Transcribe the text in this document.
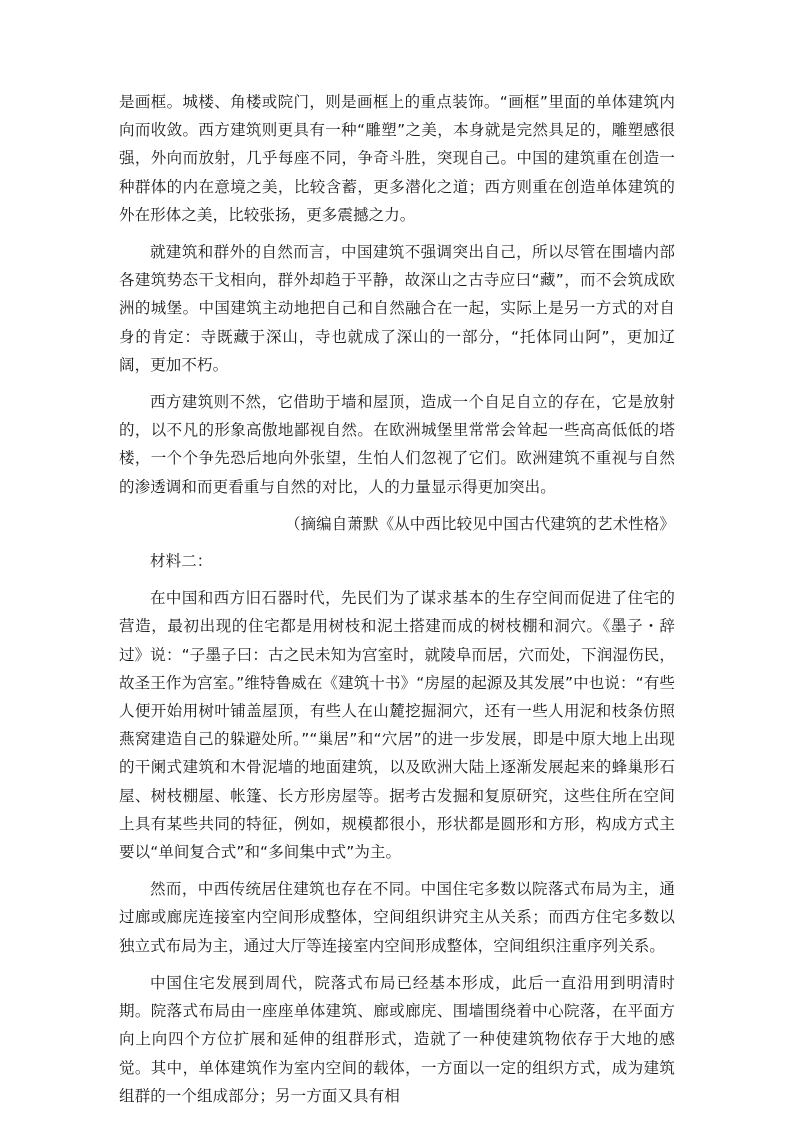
是画框。城楼、角楼或院门，则是画框上的重点装饰。“画框”里面的单体建筑内向而收敛。西方建筑则更具有一种“雕塑”之美，本身就是完然具足的，雕塑感很强，外向而放射，几乎每座不同，争奇斗胜，突现自己。中国的建筑重在创造一种群体的内在意境之美，比较含蓄，更多潜化之道；西方则重在创造单体建筑的外在形体之美，比较张扬，更多震撼之力。

就建筑和群外的自然而言，中国建筑不强调突出自己，所以尽管在围墙内部各建筑势态干戈相向，群外却趋于平静，故深山之古寺应曰“藏”，而不会筑成欧洲的城堡。中国建筑主动地把自己和自然融合在一起，实际上是另一方式的对自身的肯定：寺既藏于深山，寺也就成了深山的一部分，“托体同山阿”，更加辽阔，更加不朽。

西方建筑则不然，它借助于墙和屋顶，造成一个自足自立的存在，它是放射的，以不凡的形象高傲地鄙视自然。在欧洲城堡里常常会耸起一些高高低低的塔楼，一个个争先恐后地向外张望，生怕人们忽视了它们。欧洲建筑不重视与自然的渗透调和而更看重与自然的对比，人的力量显示得更加突出。

（摘编自萧默《从中西比较见中国古代建筑的艺术性格》

材料二：

在中国和西方旧石器时代，先民们为了谋求基本的生存空间而促进了住宅的营造，最初出现的住宅都是用树枝和泥土搭建而成的树枝棚和洞穴。《墨子・辞过》说：“子墨子曰：古之民未知为宫室时，就陵阜而居，穴而处，下润湿伤民，故圣王作为宫室。”维特鲁威在《建筑十书》“房屋的起源及其发展”中也说：“有些人便开始用树叶铺盖屋顶，有些人在山麓挖掘洞穴，还有一些人用泥和枝条仿照燕窝建造自己的躲避处所。”“巢居”和“穴居”的进一步发展，即是中原大地上出现的干阑式建筑和木骨泥墙的地面建筑，以及欧洲大陆上逐渐发展起来的蜂巢形石屋、树枝棚屋、帐篷、长方形房屋等。据考古发掘和复原研究，这些住所在空间上具有某些共同的特征，例如，规模都很小，形状都是圆形和方形，构成方式主要以“单间复合式”和“多间集中式”为主。

然而，中西传统居住建筑也存在不同。中国住宅多数以院落式布局为主，通过廊或廊庑连接室内空间形成整体，空间组织讲究主从关系；而西方住宅多数以独立式布局为主，通过大厅等连接室内空间形成整体，空间组织注重序列关系。

中国住宅发展到周代，院落式布局已经基本形成，此后一直沿用到明清时期。院落式布局由一座座单体建筑、廊或廊庑、围墙围绕着中心院落，在平面方向上向四个方位扩展和延伸的组群形式，造就了一种使建筑物依存于大地的感觉。其中，单体建筑作为室内空间的载体，一方面以一定的组织方式，成为建筑组群的一个组成部分；另一方面又具有相
